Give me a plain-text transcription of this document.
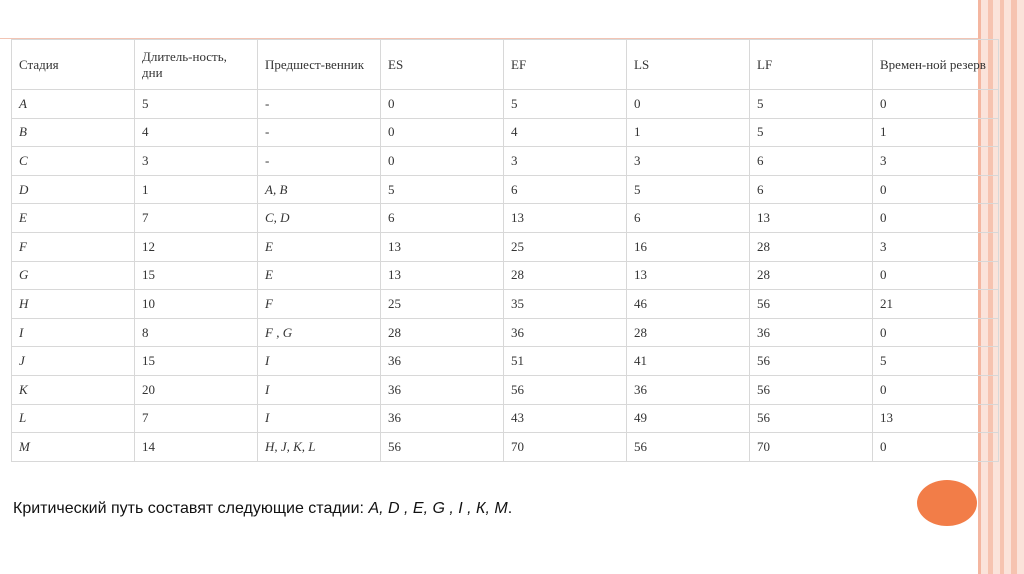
Стадия	Длитель-ность, дни	Предшест-венник	ES	EF	LS	LF	Времен-ной резерв
A	5	-	0	5	0	5	0
B	4	-	0	4	1	5	1
C	3	-	0	3	3	6	3
D	1	A, B	5	6	5	6	0
E	7	C, D	6	13	6	13	0
F	12	E	13	25	16	28	3
G	15	E	13	28	13	28	0
H	10	F	25	35	46	56	21
I	8	F , G	28	36	28	36	0
J	15	I	36	51	41	56	5
К	20	I	36	56	36	56	0
L	7	I	36	43	49	56	13
M	14	H, J, К, L	56	70	56	70	0
Критический путь составят следующие стадии: A, D , E, G , I , К, M.
